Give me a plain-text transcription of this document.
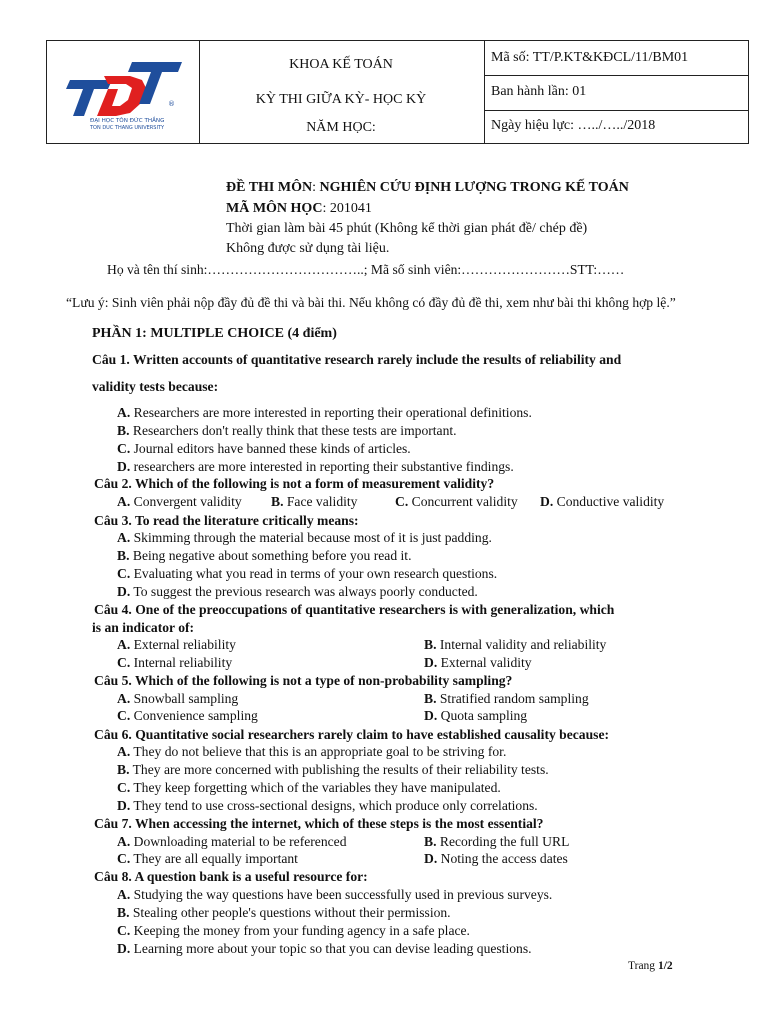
®
ĐẠI HỌC TÔN ĐỨC THẮNG
TON DUC THANG UNIVERSITY
KHOA KẾ TOÁN
KỲ THI GIỮA KỲ- HỌC KỲ
NĂM HỌC:
Mã số: TT/P.KT&KĐCL/11/BM01
Ban hành lần: 01
Ngày hiệu lực: …../…../2018
ĐỀ THI MÔN: NGHIÊN CỨU ĐỊNH LƯỢNG TRONG KẾ TOÁN
MÃ MÔN HỌC: 201041
Thời gian làm bài 45 phút (Không kể thời gian phát đề/ chép đề)
Không được sử dụng tài liệu.
Họ và tên thí sinh:……………………………..; Mã số sinh viên:……………………STT:……
“Lưu ý: Sinh viên phải nộp đầy đủ đề thi và bài thi. Nếu không có đầy đủ đề thi, xem như bài thi không hợp lệ.”
PHẦN 1: MULTIPLE CHOICE (4 điểm)
Câu 1. Written accounts of quantitative research rarely include the results of reliability and
validity tests because:
A. Researchers are more interested in reporting their operational definitions.
B. Researchers don't really think that these tests are important.
C. Journal editors have banned these kinds of articles.
D. researchers are more interested in reporting their substantive findings.
Câu 2. Which of the following is not a form of measurement validity?
A. Convergent validity B. Face validity	C. Concurrent validity D. Conductive validity
Câu 3. To read the literature critically means:
A. Skimming through the material because most of it is just padding.
B. Being negative about something before you read it.
C. Evaluating what you read in terms of your own research questions.
D. To suggest the previous research was always poorly conducted.
Câu 4. One of the preoccupations of quantitative researchers is with generalization, which
is an indicator of:
A. External reliability	B. Internal validity and reliability
C. Internal reliability	D. External validity
Câu 5. Which of the following is not a type of non-probability sampling?
A. Snowball sampling	B. Stratified random sampling
C. Convenience sampling	D. Quota sampling
Câu 6. Quantitative social researchers rarely claim to have established causality because:
A. They do not believe that this is an appropriate goal to be striving for.
B. They are more concerned with publishing the results of their reliability tests.
C. They keep forgetting which of the variables they have manipulated.
D. They tend to use cross-sectional designs, which produce only correlations.
Câu 7. When accessing the internet, which of these steps is the most essential?
A. Downloading material to be referenced	B. Recording the full URL
C. They are all equally important	D. Noting the access dates
Câu 8. A question bank is a useful resource for:
A. Studying the way questions have been successfully used in previous surveys.
B. Stealing other people's questions without their permission.
C. Keeping the money from your funding agency in a safe place.
D. Learning more about your topic so that you can devise leading questions.
Trang 1/2
